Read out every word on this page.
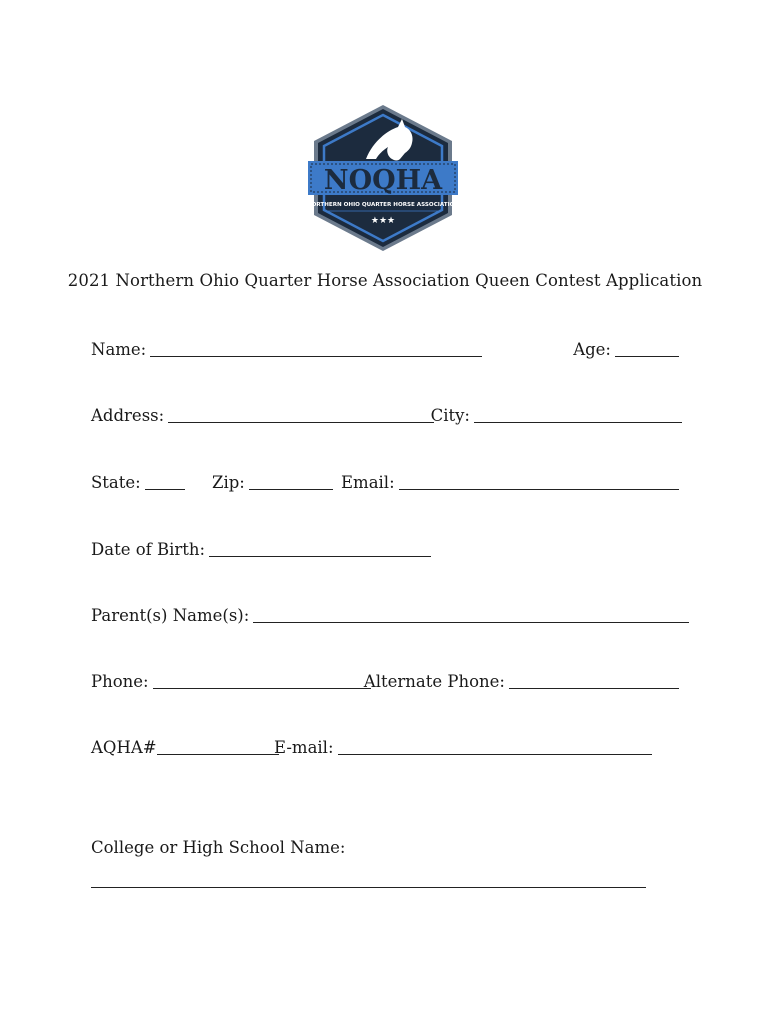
NOQHA
NORTHERN OHIO QUARTER HORSE ASSOCIATION
★★★
2021 Northern Ohio Quarter Horse Association Queen Contest Application
Name:	Age:
Address:	City:
State:	Zip:	Email:
Date of Birth:
Parent(s) Name(s):
Phone:	Alternate Phone:
AQHA#	E-mail:
College or High School Name:
